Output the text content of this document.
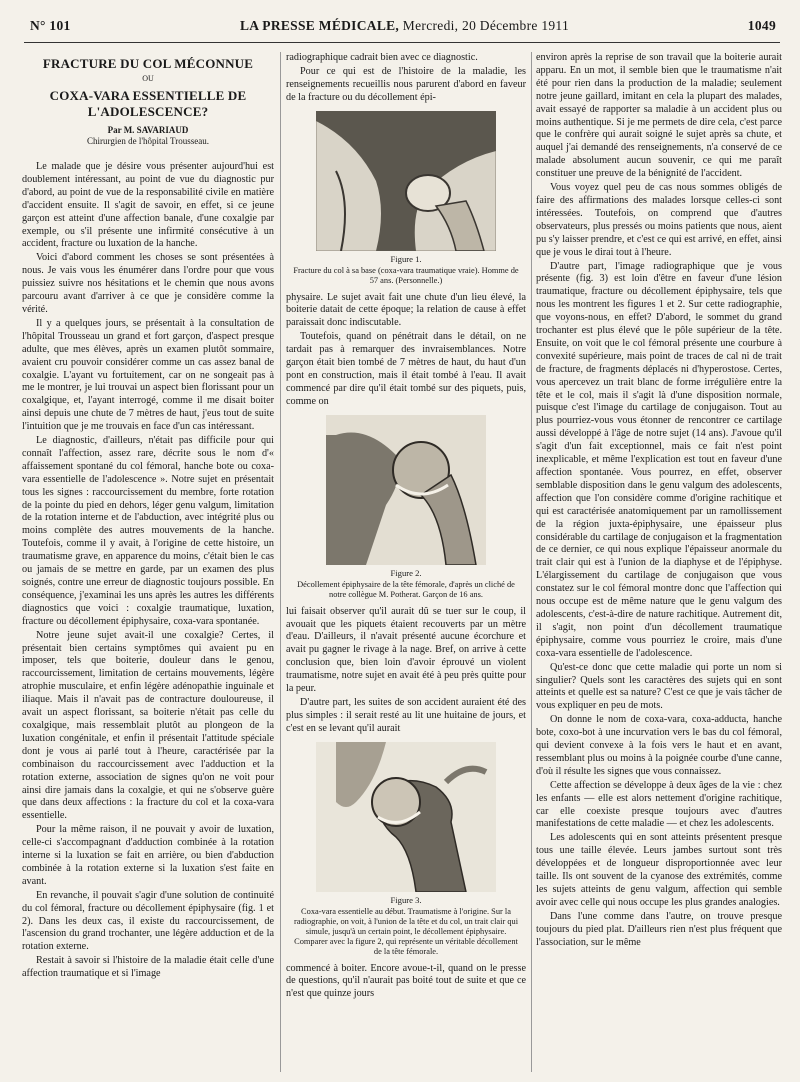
N° 101	LA PRESSE MÉDICALE, Mercredi, 20 Décembre 1911	1049
FRACTURE DU COL MÉCONNUE
OU
COXA-VARA ESSENTIELLE DE L'ADOLESCENCE?
Par M. SAVARIAUD
Chirurgien de l'hôpital Trousseau.

Le malade que je désire vous présenter aujourd'hui est doublement intéressant, au point de vue du diagnostic pur d'abord, au point de vue de la responsabilité civile en matière d'accident ensuite. Il s'agit de savoir, en effet, si ce jeune garçon est atteint d'une affection banale, d'une coxalgie par exemple, ou s'il présente une infirmité consécutive à un accident, fracture ou luxation de la hanche.

Voici d'abord comment les choses se sont présentées à nous. Je vais vous les énumérer dans l'ordre pour que vous puissiez suivre nos hésitations et le chemin que nous avons parcouru avant d'arriver à ce que je considère comme la vérité.

Il y a quelques jours, se présentait à la consultation de l'hôpital Trousseau un grand et fort garçon, d'aspect presque adulte, que mes élèves, après un examen plutôt sommaire, avaient cru pouvoir considérer comme un cas assez banal de coxalgie. L'ayant vu fortuitement, car on ne songeait pas à me le montrer, je lui trouvai un aspect bien florissant pour un coxalgique, et, l'ayant interrogé, comme il me disait boiter ainsi depuis une chute de 7 mètres de haut, j'eus tout de suite l'intuition que je me trouvais en face d'un cas intéressant.

Le diagnostic, d'ailleurs, n'était pas difficile pour qui connaît l'affection, assez rare, décrite sous le nom d'« affaissement spontané du col fémoral, hanche bote ou coxa-vara essentielle de l'adolescence ». Notre sujet en présentait tous les signes : raccourcissement du membre, forte rotation de la pointe du pied en dehors, léger genu valgum, limitation de la rotation interne et de l'abduction, avec intégrité plus ou moins complète des autres mouvements de la hanche. Toutefois, comme il y avait, à l'origine de cette histoire, un traumatisme grave, en apparence du moins, c'était bien le cas ou jamais de se mettre en garde, par un examen des plus soignés, contre une erreur de diagnostic toujours possible. En conséquence, j'examinai les uns après les autres les différents diagnostics que voici : coxalgie traumatique, luxation, fracture ou décollement épiphysaire, coxa-vara spontanée.

Notre jeune sujet avait-il une coxalgie? Certes, il présentait bien certains symptômes qui avaient pu en imposer, tels que boiterie, douleur dans le genou, raccourcissement, limitation de certains mouvements, légère atrophie musculaire, et enfin légère adénopathie inguinale et iliaque. Mais il n'avait pas de contracture douloureuse, il avait un aspect florissant, sa boiterie n'était pas celle du coxalgique, mais ressemblait plutôt au plongeon de la luxation congénitale, et enfin il présentait l'attitude spéciale dont je vous ai parlé tout à l'heure, caractérisée par la combinaison du raccourcissement avec l'adduction et la rotation externe, association de signes qu'on ne voit pour ainsi dire jamais dans la coxalgie, et qui ne s'observe guère que dans deux affections : la fracture du col et la coxa-vara essentielle.

Pour la même raison, il ne pouvait y avoir de luxation, celle-ci s'accompagnant d'adduction combinée à la rotation interne si la luxation se fait en arrière, ou bien d'abduction combinée à la rotation externe si la luxation s'est faite en avant.

En revanche, il pouvait s'agir d'une solution de continuité du col fémoral, fracture ou décollement épiphysaire (fig. 1 et 2). Dans les deux cas, il existe du raccourcissement, de l'ascension du grand trochanter, une légère adduction et de la rotation externe.

Restait à savoir si l'histoire de la maladie était celle d'une affection traumatique et si l'image

radiographique cadrait bien avec ce diagnostic.

Pour ce qui est de l'histoire de la maladie, les renseignements recueillis nous parurent d'abord en faveur de la fracture ou du décollement épi-

Figure 1.
Fracture du col à sa base (coxa-vara traumatique vraie). Homme de 57 ans. (Personnelle.)

physaire. Le sujet avait fait une chute d'un lieu élevé, la boiterie datait de cette époque; la relation de cause à effet paraissait donc indiscutable.

Toutefois, quand on pénétrait dans le détail, on ne tardait pas à remarquer des invraisemblances. Notre garçon était bien tombé de 7 mètres de haut, du haut d'un pont en construction, mais il était tombé à l'eau. Il avait commencé par dire qu'il était tombé sur des piquets, puis, comme on

Figure 2.
Décollement épiphysaire de la tête fémorale, d'après un cliché de notre collègue M. Potherat. Garçon de 16 ans.

lui faisait observer qu'il aurait dû se tuer sur le coup, il avouait que les piquets étaient recouverts par un mètre d'eau. D'ailleurs, il n'avait présenté aucune écorchure et avait pu gagner le rivage à la nage. Bref, on arrive à cette conclusion que, bien loin d'avoir éprouvé un violent traumatisme, notre sujet en avait été à peu près quitte pour la peur.

D'autre part, les suites de son accident auraient été des plus simples : il serait resté au lit une huitaine de jours, et c'est en se levant qu'il aurait

Figure 3.
Coxa-vara essentielle au début. Traumatisme à l'origine. Sur la radiographie, on voit, à l'union de la tête et du col, un trait clair qui simule, jusqu'à un certain point, le décollement épiphysaire. Comparer avec la figure 2, qui représente un véritable décollement de la tête fémorale.

commencé à boiter. Encore avoue-t-il, quand on le presse de questions, qu'il n'aurait pas boité tout de suite et que ce n'est que quinze jours

environ après la reprise de son travail que la boiterie aurait apparu. En un mot, il semble bien que le traumatisme n'ait été pour rien dans la production de la maladie; seulement notre jeune gaillard, imitant en cela la plupart des malades, avait essayé de rapporter sa maladie à un accident plus ou moins authentique. Si je me permets de dire cela, c'est parce que le confrère qui aurait soigné le sujet après sa chute, et auquel j'ai demandé des renseignements, n'a conservé de ce malade absolument aucun souvenir, ce qui me paraît constituer une preuve de la bénignité de l'accident.

Vous voyez quel peu de cas nous sommes obligés de faire des affirmations des malades lorsque celles-ci sont intéressées. Toutefois, on comprend que d'autres observateurs, plus pressés ou moins patients que nous, aient pu s'y laisser prendre, et c'est ce qui est arrivé, en effet, ainsi que je vous le dirai tout à l'heure.

D'autre part, l'image radiographique que je vous présente (fig. 3) est loin d'être en faveur d'une lésion traumatique, fracture ou décollement épiphysaire, tels que nous les montrent les figures 1 et 2. Sur cette radiographie, que voyons-nous, en effet? D'abord, le sommet du grand trochanter est plus élevé que le pôle supérieur de la tête. Ensuite, on voit que le col fémoral présente une courbure à convexité supérieure, mais point de traces de cal ni de trait de fracture, de fragments déplacés ni d'hyperostose. Certes, vous apercevez un trait blanc de forme irrégulière entre la tête et le col, mais il s'agit là d'une disposition normale, puisque c'est l'image du cartilage de conjugaison. Tout au plus pourriez-vous vous étonner de rencontrer ce cartilage aussi développé à l'âge de notre sujet (14 ans). J'avoue qu'il s'agit d'un fait exceptionnel, mais ce fait n'est point inexplicable, et même l'explication est tout en faveur d'une affection spontanée. Vous pourrez, en effet, observer semblable disposition dans le genu valgum des adolescents, affection que l'on considère comme d'origine rachitique et qui est caractérisée anatomiquement par un ramollissement de la région juxta-épiphysaire, une épaisseur plus considérable du cartilage de conjugaison et la fragmentation de ce dernier, ce qui nous explique l'épaisseur anormale du trait clair qui est à l'union de la diaphyse et de l'épiphyse. L'élargissement du cartilage de conjugaison que vous constatez sur le col fémoral montre donc que l'affection qui nous occupe est de même nature que le genu valgum des adolescents, c'est-à-dire de nature rachitique. Autrement dit, il s'agit, non point d'un décollement traumatique épiphysaire, comme vous pourriez le croire, mais d'une coxa-vara essentielle de l'adolescence.

Qu'est-ce donc que cette maladie qui porte un nom si singulier? Quels sont les caractères des sujets qui en sont atteints et quelle est sa nature? C'est ce que je vais tâcher de vous expliquer en peu de mots.

On donne le nom de coxa-vara, coxa-adducta, hanche bote, coxo-bot à une incurvation vers le bas du col fémoral, qui devient convexe à la fois vers le haut et en avant, ressemblant plus ou moins à la poignée courbe d'une canne, d'où il résulte les signes que vous connaissez.

Cette affection se développe à deux âges de la vie : chez les enfants — elle est alors nettement d'origine rachitique, car elle coexiste presque toujours avec d'autres manifestations de cette maladie — et chez les adolescents.

Les adolescents qui en sont atteints présentent presque tous une taille élevée. Leurs jambes surtout sont très développées et de longueur disproportionnée avec leur taille. Ils ont souvent de la cyanose des extrémités, comme les sujets atteints de genu valgum, affection qui semble avoir avec celle qui nous occupe les plus grandes analogies.

Dans l'une comme dans l'autre, on trouve presque toujours du pied plat. D'ailleurs rien n'est plus fréquent que l'association, sur le même
